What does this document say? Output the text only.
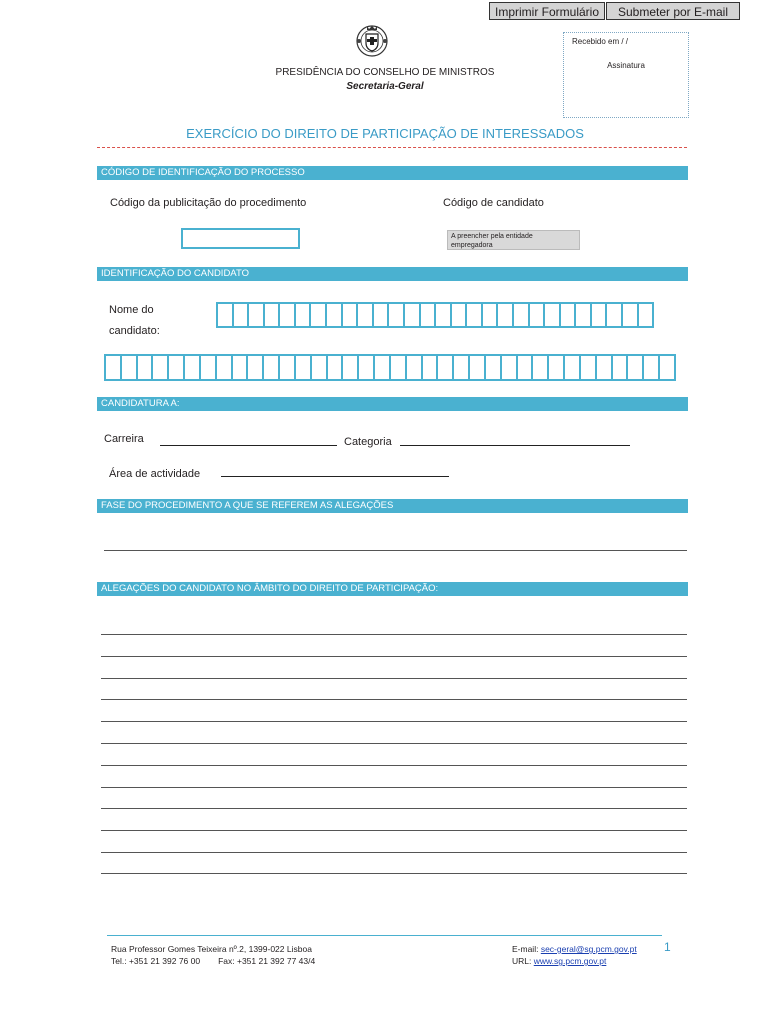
Imprimir Formulário	Submeter por E-mail
Recebido em / /
Assinatura
PRESIDÊNCIA DO CONSELHO DE MINISTROS
Secretaria-Geral
EXERCÍCIO DO DIREITO DE PARTICIPAÇÃO DE INTERESSADOS
CÓDIGO DE IDENTIFICAÇÃO DO PROCESSO
Código da publicitação do procedimento	Código de candidato
A preencher pela entidade empregadora
IDENTIFICAÇÃO DO CANDIDATO
Nome do
candidato:
CANDIDATURA A:
Carreira	Categoria
Área de actividade
FASE DO PROCEDIMENTO A QUE SE REFEREM AS ALEGAÇÕES
ALEGAÇÕES DO CANDIDATO NO ÂMBITO DO DIREITO DE PARTICIPAÇÃO:
Rua Professor Gomes Teixeira nº.2, 1399-022 Lisboa
Tel.: +351 21 392 76 00 Fax: +351 21 392 77 43/4
E-mail: sec-geral@sg.pcm.gov.pt
URL: www.sg.pcm.gov.pt
1
